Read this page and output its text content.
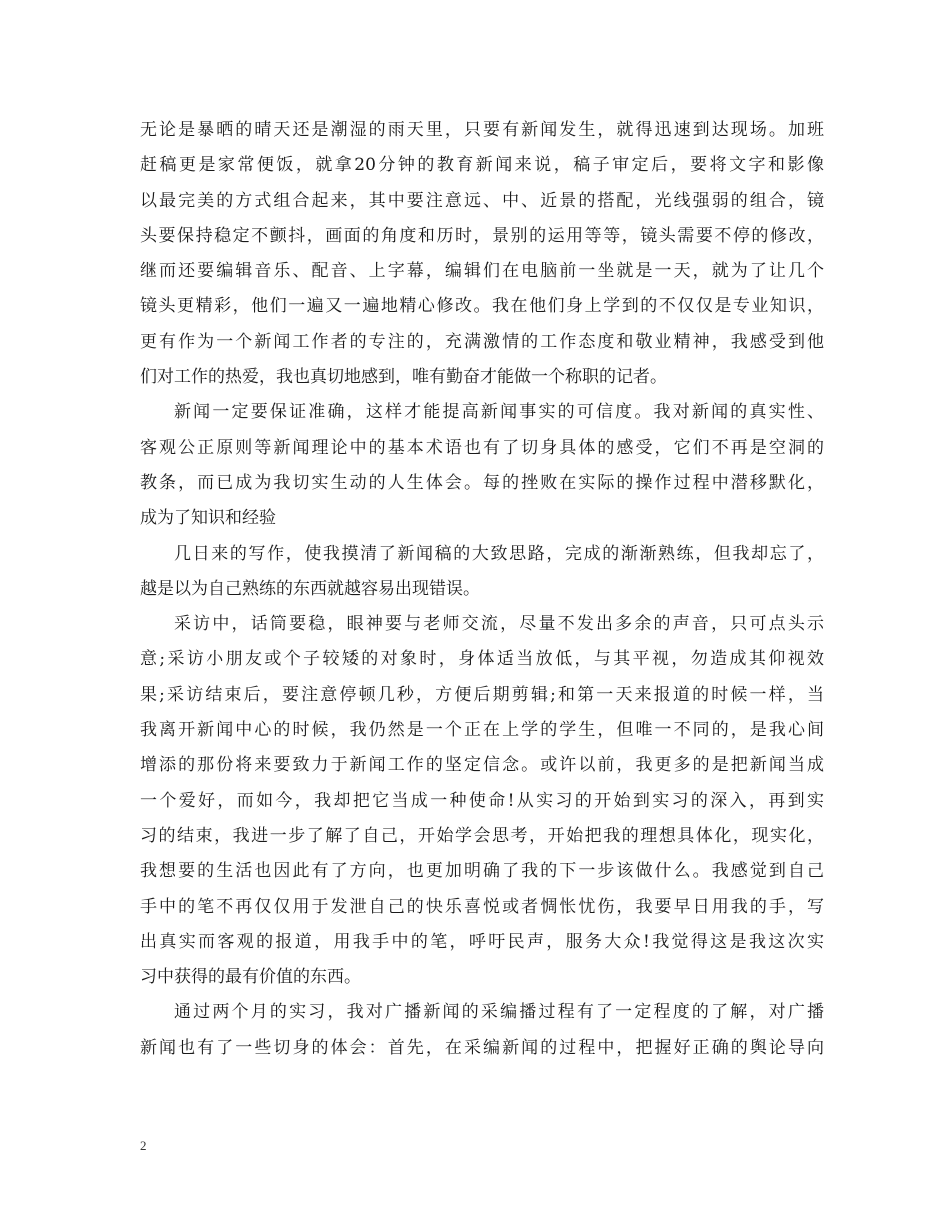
无论是暴晒的晴天还是潮湿的雨天里，只要有新闻发生，就得迅速到达现场。加班
赶稿更是家常便饭，就拿20分钟的教育新闻来说，稿子审定后，要将文字和影像
以最完美的方式组合起来，其中要注意远、中、近景的搭配，光线强弱的组合，镜
头要保持稳定不颤抖，画面的角度和历时，景别的运用等等，镜头需要不停的修改，
继而还要编辑音乐、配音、上字幕，编辑们在电脑前一坐就是一天，就为了让几个
镜头更精彩，他们一遍又一遍地精心修改。我在他们身上学到的不仅仅是专业知识，
更有作为一个新闻工作者的专注的，充满激情的工作态度和敬业精神，我感受到他
们对工作的热爱，我也真切地感到，唯有勤奋才能做一个称职的记者。
新闻一定要保证准确，这样才能提高新闻事实的可信度。我对新闻的真实性、
客观公正原则等新闻理论中的基本术语也有了切身具体的感受，它们不再是空洞的
教条，而已成为我切实生动的人生体会。每的挫败在实际的操作过程中潜移默化，
成为了知识和经验
几日来的写作，使我摸清了新闻稿的大致思路，完成的渐渐熟练，但我却忘了，
越是以为自己熟练的东西就越容易出现错误。
采访中，话筒要稳，眼神要与老师交流，尽量不发出多余的声音，只可点头示
意;采访小朋友或个子较矮的对象时，身体适当放低，与其平视，勿造成其仰视效
果;采访结束后，要注意停顿几秒，方便后期剪辑;和第一天来报道的时候一样，当
我离开新闻中心的时候，我仍然是一个正在上学的学生，但唯一不同的，是我心间
增添的那份将来要致力于新闻工作的坚定信念。或许以前，我更多的是把新闻当成
一个爱好，而如今，我却把它当成一种使命!从实习的开始到实习的深入，再到实
习的结束，我进一步了解了自己，开始学会思考，开始把我的理想具体化，现实化，
我想要的生活也因此有了方向，也更加明确了我的下一步该做什么。我感觉到自己
手中的笔不再仅仅用于发泄自己的快乐喜悦或者惆怅忧伤，我要早日用我的手，写
出真实而客观的报道，用我手中的笔，呼吁民声，服务大众!我觉得这是我这次实
习中获得的最有价值的东西。
通过两个月的实习，我对广播新闻的采编播过程有了一定程度的了解，对广播
新闻也有了一些切身的体会：首先，在采编新闻的过程中，把握好正确的舆论导向
2
